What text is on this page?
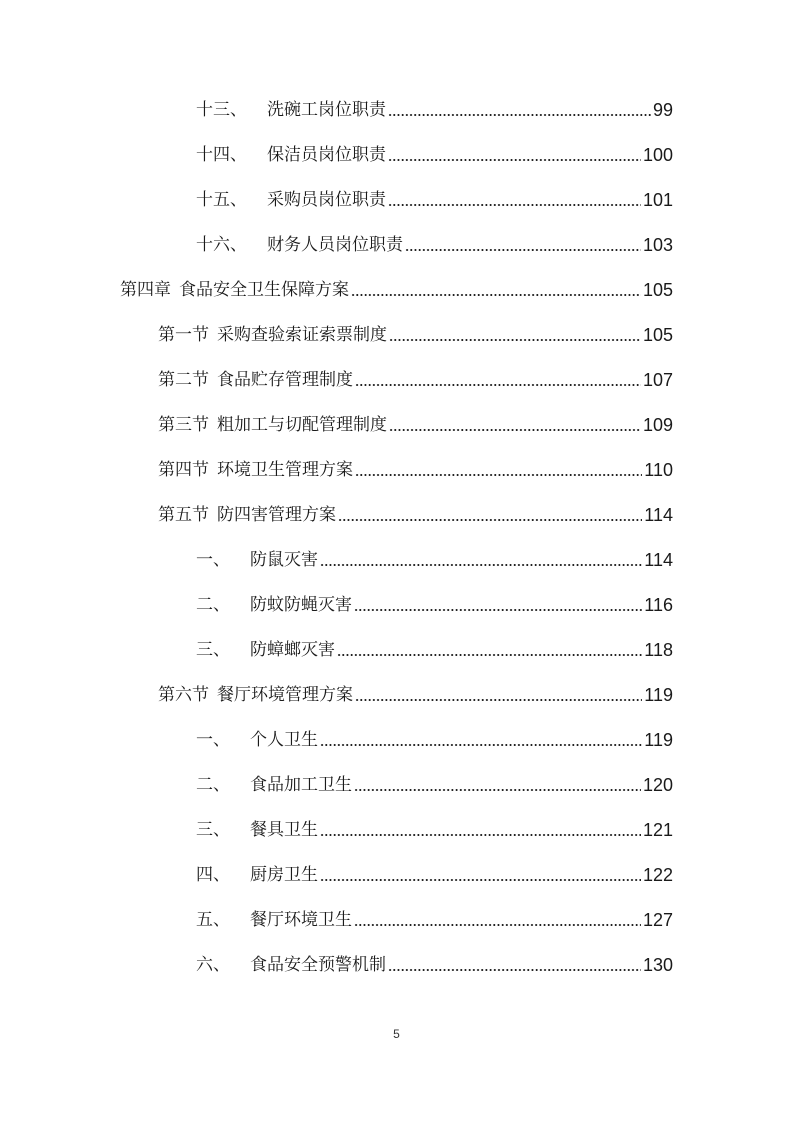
十三、 洗碗工岗位职责	99
十四、 保洁员岗位职责	100
十五、 采购员岗位职责	101
十六、 财务人员岗位职责	103
第四章 食品安全卫生保障方案	105
第一节 采购查验索证索票制度	105
第二节 食品贮存管理制度	107
第三节 粗加工与切配管理制度	109
第四节 环境卫生管理方案	110
第五节 防四害管理方案	114
一、 防鼠灭害	114
二、 防蚊防蝇灭害	116
三、 防蟑螂灭害	118
第六节 餐厅环境管理方案	119
一、 个人卫生	119
二、 食品加工卫生	120
三、 餐具卫生	121
四、 厨房卫生	122
五、 餐厅环境卫生	127
六、 食品安全预警机制	130
5
